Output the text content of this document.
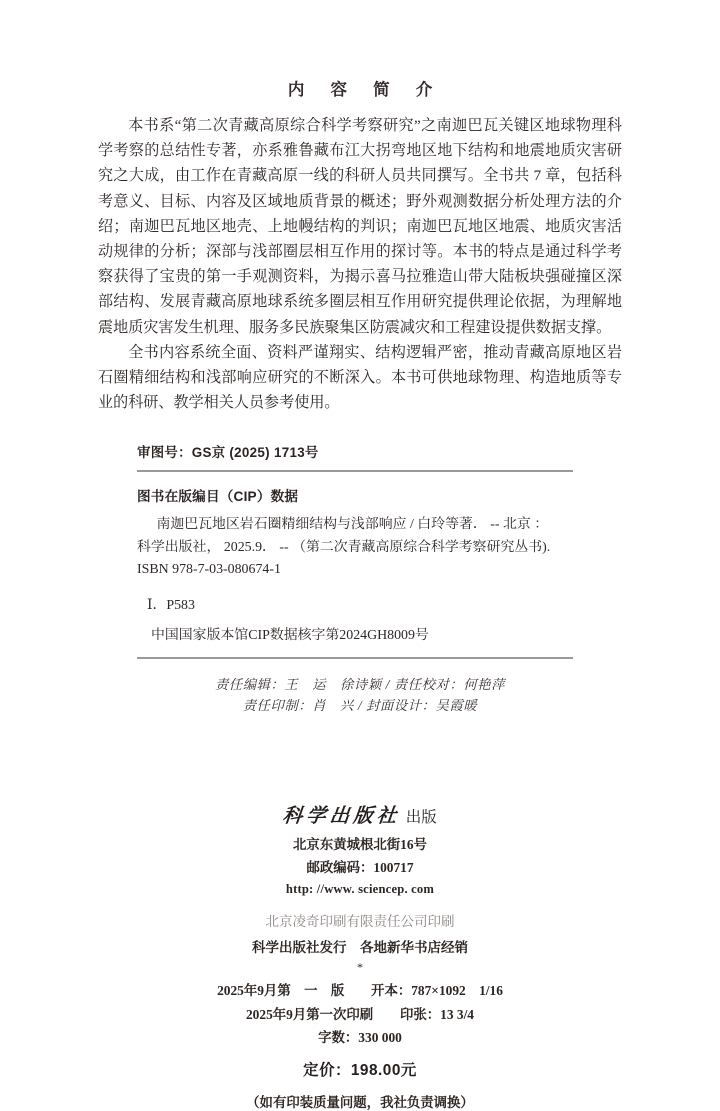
内 容 简 介

本书系“第二次青藏高原综合科学考察研究”之南迦巴瓦关键区地球物理科学考察的总结性专著，亦系雅鲁藏布江大拐弯地区地下结构和地震地质灾害研究之大成，由工作在青藏高原一线的科研人员共同撰写。全书共 7 章，包括科考意义、目标、内容及区域地质背景的概述；野外观测数据分析处理方法的介绍；南迦巴瓦地区地壳、上地幔结构的判识；南迦巴瓦地区地震、地质灾害活动规律的分析；深部与浅部圈层相互作用的探讨等。本书的特点是通过科学考察获得了宝贵的第一手观测资料，为揭示喜马拉雅造山带大陆板块强碰撞区深部结构、发展青藏高原地球系统多圈层相互作用研究提供理论依据，为理解地震地质灾害发生机理、服务多民族聚集区防震减灾和工程建设提供数据支撑。

全书内容系统全面、资料严谨翔实、结构逻辑严密，推动青藏高原地区岩石圈精细结构和浅部响应研究的不断深入。本书可供地球物理、构造地质等专业的科研、教学相关人员参考使用。

审图号：GS京 (2025) 1713号
图书在版编目（CIP）数据
南迦巴瓦地区岩石圈精细结构与浅部响应 / 白玲等著． -- 北京 ：
科学出版社， 2025.9． -- （第二次青藏高原综合科学考察研究丛书).
ISBN 978-7-03-080674-1
Ⅰ．P583
中国国家版本馆CIP数据核字第2024GH8009号
责任编辑：王　运　徐诗颖 / 责任校对：何艳萍
责任印制：肖　兴 / 封面设计：吴霞暖
科学出版社 出版
北京东黄城根北街16号
邮政编码：100717
http: //www. sciencep. com
北京凌奇印刷有限责任公司印刷
科学出版社发行　各地新华书店经销
*
2025年9月第　一　版　　开本：787×1092　1/16
2025年9月第一次印刷　　印张：13 3/4
字数：330 000
定价：198.00元
（如有印装质量问题，我社负责调换）
